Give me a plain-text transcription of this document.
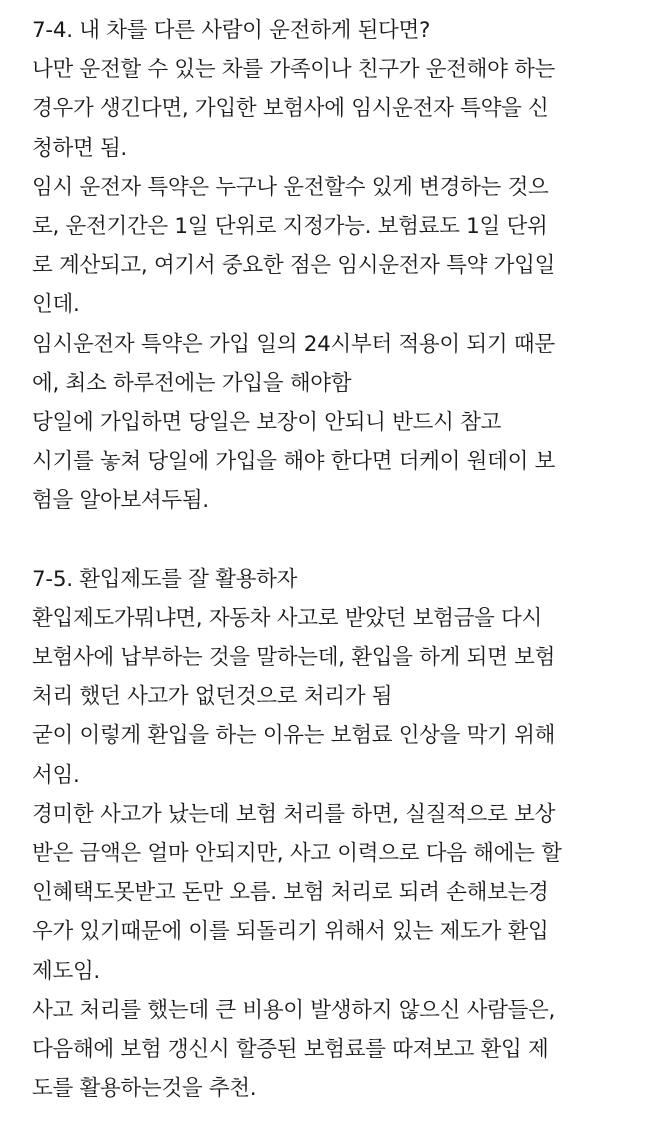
7-4. 내 차를 다른 사람이 운전하게 된다면?
나만 운전할 수 있는 차를 가족이나 친구가 운전해야 하는
경우가 생긴다면, 가입한 보험사에 임시운전자 특약을 신
청하면 됨.
임시 운전자 특약은 누구나 운전할수 있게 변경하는 것으
로, 운전기간은 1일 단위로 지정가능. 보험료도 1일 단위
로 계산되고, 여기서 중요한 점은 임시운전자 특약 가입일
인데.
임시운전자 특약은 가입 일의 24시부터 적용이 되기 때문
에, 최소 하루전에는 가입을 해야함
당일에 가입하면 당일은 보장이 안되니 반드시 참고
시기를 놓쳐 당일에 가입을 해야 한다면 더케이 원데이 보
험을 알아보셔두됨.
7-5. 환입제도를 잘 활용하자
환입제도가뭐냐면, 자동차 사고로 받았던 보험금을 다시
보험사에 납부하는 것을 말하는데, 환입을 하게 되면 보험
처리 했던 사고가 없던것으로 처리가 됨
굳이 이렇게 환입을 하는 이유는 보험료 인상을 막기 위해
서임.
경미한 사고가 났는데 보험 처리를 하면, 실질적으로 보상
받은 금액은 얼마 안되지만, 사고 이력으로 다음 해에는 할
인혜택도못받고 돈만 오름. 보험 처리로 되려 손해보는경
우가 있기때문에 이를 되돌리기 위해서 있는 제도가 환입
제도임.
사고 처리를 했는데 큰 비용이 발생하지 않으신 사람들은,
다음해에 보험 갱신시 할증된 보험료를 따져보고 환입 제
도를 활용하는것을 추천.
